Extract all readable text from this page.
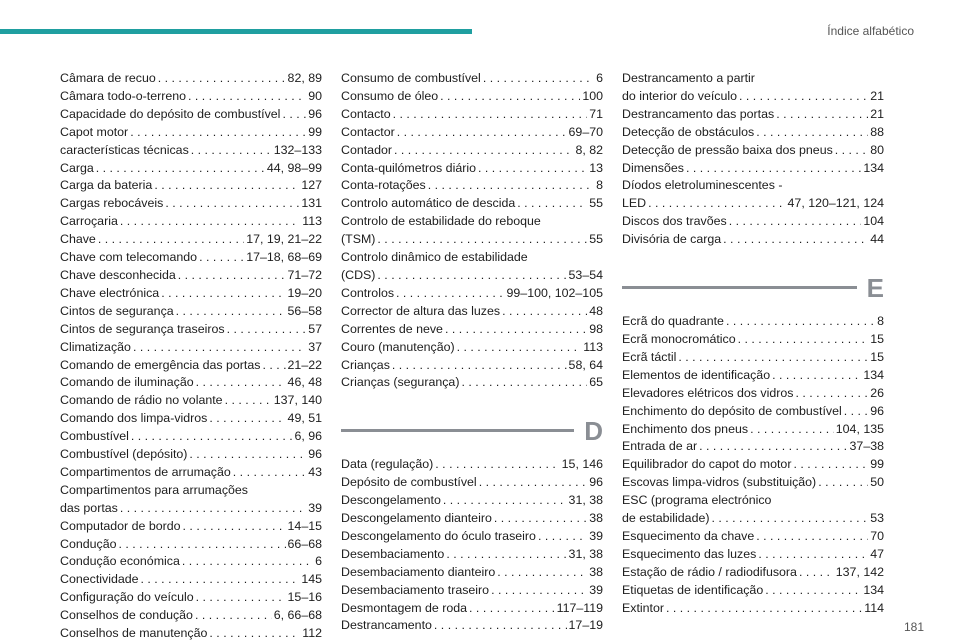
Índice alfabético
Câmara de recuo . . .	82, 89
Câmara todo-o-terreno . . .	90
Capacidade do depósito de combustível . . . 96
Capot motor . . .	99
características técnicas . . .	132–133
Carga . . .	44, 98–99
Carga da bateria . . .	127
Cargas rebocáveis . . .	131
Carroçaria . . .	113
Chave . . .	17, 19, 21–22
Chave com telecomando . . .	17–18, 68–69
Chave desconhecida . . .	71–72
Chave electrónica . . .	19–20
Cintos de segurança . . .	56–58
Cintos de segurança traseiros . . .	57
Climatização . . .	37
Comando de emergência das portas . . . 21–22
Comando de iluminação . . .	46, 48
Comando de rádio no volante . . .	137, 140
Comando dos limpa-vidros . . .	49, 51
Combustível . . .	6, 96
Combustível (depósito) . . .	96
Compartimentos de arrumação . . .	43
Compartimentos para arrumações
das portas . . .	39
Computador de bordo . . .	14–15
Condução . . .	66–68
Condução económica . . .	6
Conectividade . . .	145
Configuração do veículo . . .	15–16
Conselhos de condução . . .	6, 66–68
Conselhos de manutenção . . .	112
Consumo de combustível . . .	6
Consumo de óleo . . .	100
Contacto . . .	71
Contactor . . .	69–70
Contador . . .	8, 82
Conta-quilómetros diário . . .	13
Conta-rotações . . .	8
Controlo automático de descida . . .	55
Controlo de estabilidade do reboque
(TSM) . . .	55
Controlo dinâmico de estabilidade
(CDS) . . .	53–54
Controlos . . .	99–100, 102–105
Corrector de altura das luzes . . .	48
Correntes de neve . . .	98
Couro (manutenção) . . .	113
Crianças . . .	58, 64
Crianças (segurança) . . .	65
D
Data (regulação) . . .	15, 146
Depósito de combustível . . .	96
Descongelamento . . .	31, 38
Descongelamento dianteiro . . .	38
Descongelamento do óculo traseiro . . .	39
Desembaciamento . . .	31, 38
Desembaciamento dianteiro . . .	38
Desembaciamento traseiro . . .	39
Desmontagem de roda . . .	117–119
Destrancamento . . .	17–19
Destrancamento a partir
do interior do veículo . . .	21
Destrancamento das portas . . .	21
Detecção de obstáculos . . .	88
Detecção de pressão baixa dos pneus . . .	80
Dimensões . . .	134
Díodos eletroluminescentes -
LED . . .	47, 120–121, 124
Discos dos travões . . .	104
Divisória de carga . . .	44
E
Ecrã do quadrante . . .	8
Ecrã monocromático . . .	15
Ecrã táctil . . .	15
Elementos de identificação . . .	134
Elevadores elétricos dos vidros . . .	26
Enchimento do depósito de combustível . . . 96
Enchimento dos pneus . . .	104, 135
Entrada de ar . . .	37–38
Equilibrador do capot do motor . . .	99
Escovas limpa-vidros (substituição) . . .	50
ESC (programa electrónico
de estabilidade) . . .	53
Esquecimento da chave . . .	70
Esquecimento das luzes . . .	47
Estação de rádio / radiodifusora . . .	137, 142
Etiquetas de identificação . . .	134
Extintor . . .	114
181
